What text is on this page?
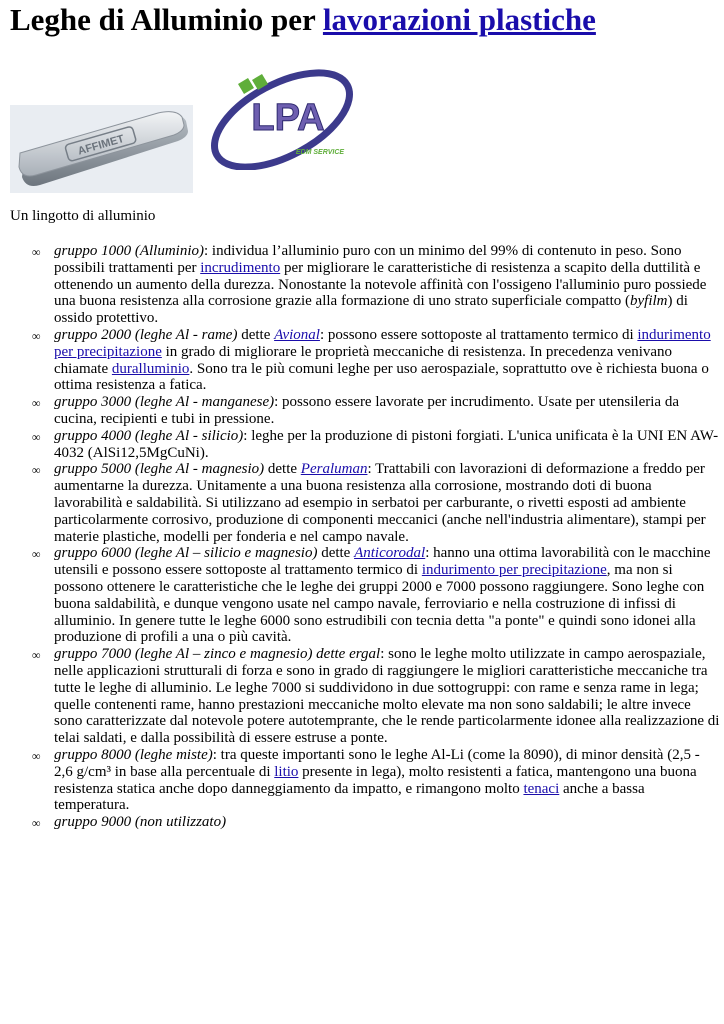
Leghe di Alluminio per lavorazioni plastiche
AFFIMET
LPA
EDM SERVICE
Un lingotto di alluminio
∞ gruppo 1000 (Alluminio): individua l’alluminio puro con un minimo del 99% di contenuto in peso. Sono possibili trattamenti per incrudimento per migliorare le caratteristiche di resistenza a scapito della duttilità e ottenendo un aumento della durezza. Nonostante la notevole affinità con l'ossigeno l'alluminio puro possiede una buona resistenza alla corrosione grazie alla formazione di uno strato superficiale compatto (byfilm) di ossido protettivo.
∞ gruppo 2000 (leghe Al - rame) dette Avional: possono essere sottoposte al trattamento termico di indurimento per precipitazione in grado di migliorare le proprietà meccaniche di resistenza. In precedenza venivano chiamate duralluminio. Sono tra le più comuni leghe per uso aerospaziale, soprattutto ove è richiesta buona o ottima resistenza a fatica.
∞ gruppo 3000 (leghe Al - manganese): possono essere lavorate per incrudimento. Usate per utensileria da cucina, recipienti e tubi in pressione.
∞ gruppo 4000 (leghe Al - silicio): leghe per la produzione di pistoni forgiati. L'unica unificata è la UNI EN AW-4032 (AlSi12,5MgCuNi).
∞ gruppo 5000 (leghe Al - magnesio) dette Peraluman: Trattabili con lavorazioni di deformazione a freddo per aumentarne la durezza. Unitamente a una buona resistenza alla corrosione, mostrando doti di buona lavorabilità e saldabilità. Si utilizzano ad esempio in serbatoi per carburante, o rivetti esposti ad ambiente particolarmente corrosivo, produzione di componenti meccanici (anche nell'industria alimentare), stampi per materie plastiche, modelli per fonderia e nel campo navale.
∞ gruppo 6000 (leghe Al – silicio e magnesio) dette Anticorodal: hanno una ottima lavorabilità con le macchine utensili e possono essere sottoposte al trattamento termico di indurimento per precipitazione, ma non si possono ottenere le caratteristiche che le leghe dei gruppi 2000 e 7000 possono raggiungere. Sono leghe con buona saldabilità, e dunque vengono usate nel campo navale, ferroviario e nella costruzione di infissi di alluminio. In genere tutte le leghe 6000 sono estrudibili con tecnia detta "a ponte" e quindi sono idonei alla produzione di profili a una o più cavità.
∞ gruppo 7000 (leghe Al – zinco e magnesio) dette ergal: sono le leghe molto utilizzate in campo aerospaziale, nelle applicazioni strutturali di forza e sono in grado di raggiungere le migliori caratteristiche meccaniche tra tutte le leghe di alluminio. Le leghe 7000 si suddividono in due sottogruppi: con rame e senza rame in lega; quelle contenenti rame, hanno prestazioni meccaniche molto elevate ma non sono saldabili; le altre invece sono caratterizzate dal notevole potere autotemprante, che le rende particolarmente idonee alla realizzazione di telai saldati, e dalla possibilità di essere estruse a ponte.
∞ gruppo 8000 (leghe miste): tra queste importanti sono le leghe Al-Li (come la 8090), di minor densità (2,5 - 2,6 g/cm³ in base alla percentuale di litio presente in lega), molto resistenti a fatica, mantengono una buona resistenza statica anche dopo danneggiamento da impatto, e rimangono molto tenaci anche a bassa temperatura.
∞ gruppo 9000 (non utilizzato)
